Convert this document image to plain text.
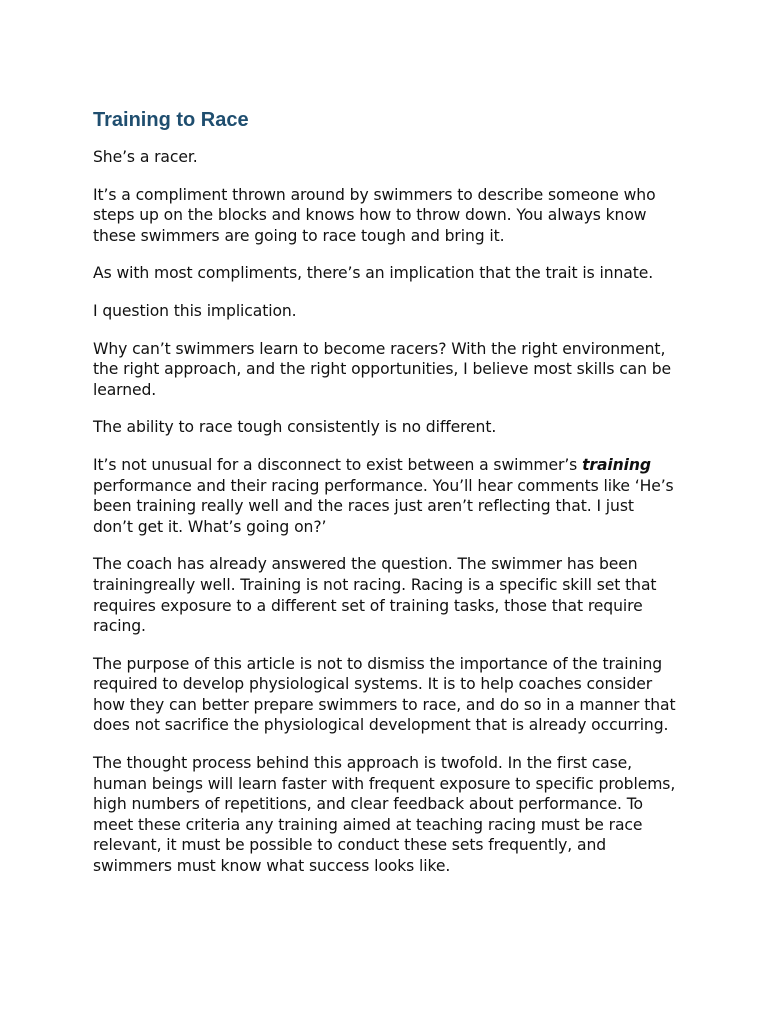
Training to Race

She’s a racer.

It’s a compliment thrown around by swimmers to describe someone who steps up on the blocks and knows how to throw down. You always know these swimmers are going to race tough and bring it.

As with most compliments, there’s an implication that the trait is innate.

I question this implication.

Why can’t swimmers learn to become racers? With the right environment, the right approach, and the right opportunities, I believe most skills can be learned.

The ability to race tough consistently is no different.

It’s not unusual for a disconnect to exist between a swimmer’s training performance and their racing performance. You’ll hear comments like ‘He’s been training really well and the races just aren’t reflecting that. I just don’t get it. What’s going on?’

The coach has already answered the question. The swimmer has been trainingreally well. Training is not racing. Racing is a specific skill set that requires exposure to a different set of training tasks, those that require racing.

The purpose of this article is not to dismiss the importance of the training required to develop physiological systems. It is to help coaches consider how they can better prepare swimmers to race, and do so in a manner that does not sacrifice the physiological development that is already occurring.

The thought process behind this approach is twofold. In the first case, human beings will learn faster with frequent exposure to specific problems, high numbers of repetitions, and clear feedback about performance. To meet these criteria any training aimed at teaching racing must be race relevant, it must be possible to conduct these sets frequently, and swimmers must know what success looks like.
